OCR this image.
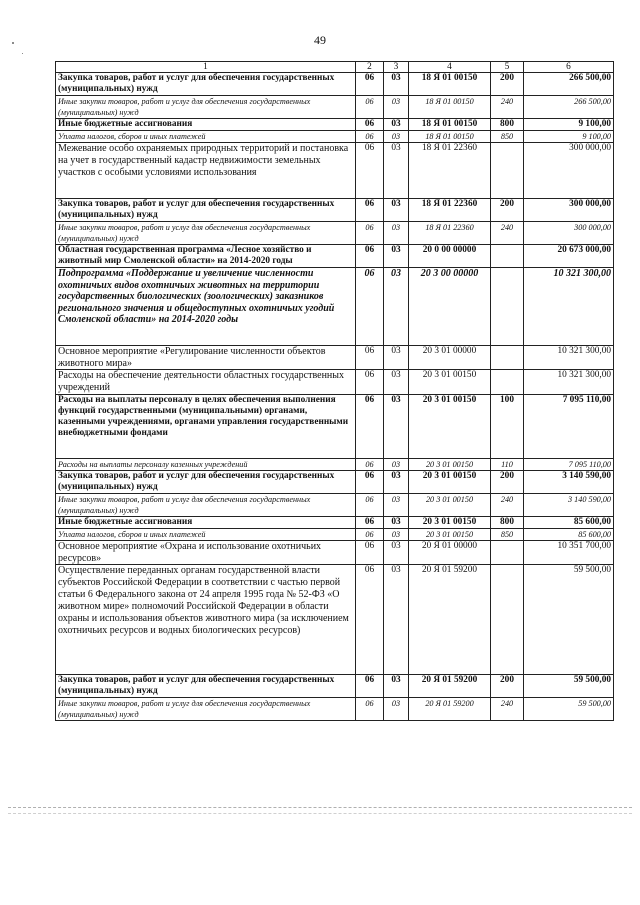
49
1	2	3	4	5	6
Закупка товаров, работ и услуг для обеспечения государственных (муниципальных) нужд	06	03	18 Я 01 00150	200	266 500,00
Иные закупки товаров, работ и услуг для обеспечения государственных (муниципальных) нужд	06	03	18 Я 01 00150	240	266 500,00
Иные бюджетные ассигнования	06	03	18 Я 01 00150	800	9 100,00
Уплата налогов, сборов и иных платежей	06	03	18 Я 01 00150	850	9 100,00
Межевание особо охраняемых природных территорий и постановка на учет в государственный кадастр недвижимости земельных участков с особыми условиями использования	06	03	18 Я 01 22360		300 000,00
Закупка товаров, работ и услуг для обеспечения государственных (муниципальных) нужд	06	03	18 Я 01 22360	200	300 000,00
Иные закупки товаров, работ и услуг для обеспечения государственных (муниципальных) нужд	06	03	18 Я 01 22360	240	300 000,00
Областная государственная программа «Лесное хозяйство и животный мир Смоленской области» на 2014-2020 годы	06	03	20 0 00 00000		20 673 000,00
Подпрограмма «Поддержание и увеличение численности охотничьих видов охотничьих животных на территории государственных биологических (зоологических) заказников регионального значения и общедоступных охотничьих угодий Смоленской области» на 2014-2020 годы	06	03	20 3 00 00000		10 321 300,00
Основное мероприятие «Регулирование численности объектов животного мира»	06	03	20 3 01 00000		10 321 300,00
Расходы на обеспечение деятельности областных государственных учреждений	06	03	20 3 01 00150		10 321 300,00
Расходы на выплаты персоналу в целях обеспечения выполнения функций государственными (муниципальными) органами, казенными учреждениями, органами управления государственными внебюджетными фондами	06	03	20 3 01 00150	100	7 095 110,00
Расходы на выплаты персоналу казенных учреждений	06	03	20 3 01 00150	110	7 095 110,00
Закупка товаров, работ и услуг для обеспечения государственных (муниципальных) нужд	06	03	20 3 01 00150	200	3 140 590,00
Иные закупки товаров, работ и услуг для обеспечения государственных (муниципальных) нужд	06	03	20 3 01 00150	240	3 140 590,00
Иные бюджетные ассигнования	06	03	20 3 01 00150	800	85 600,00
Уплата налогов, сборов и иных платежей	06	03	20 3 01 00150	850	85 600,00
Основное мероприятие «Охрана и использование охотничьих ресурсов»	06	03	20 Я 01 00000		10 351 700,00
Осуществление переданных органам государственной власти субъектов Российской Федерации в соответствии с частью первой статьи 6 Федерального закона от 24 апреля 1995 года № 52-ФЗ «О животном мире» полномочий Российской Федерации в области охраны и использования объектов животного мира (за исключением охотничьих ресурсов и водных биологических ресурсов)	06	03	20 Я 01 59200		59 500,00
Закупка товаров, работ и услуг для обеспечения государственных (муниципальных) нужд	06	03	20 Я 01 59200	200	59 500,00
Иные закупки товаров, работ и услуг для обеспечения государственных (муниципальных) нужд	06	03	20 Я 01 59200	240	59 500,00
